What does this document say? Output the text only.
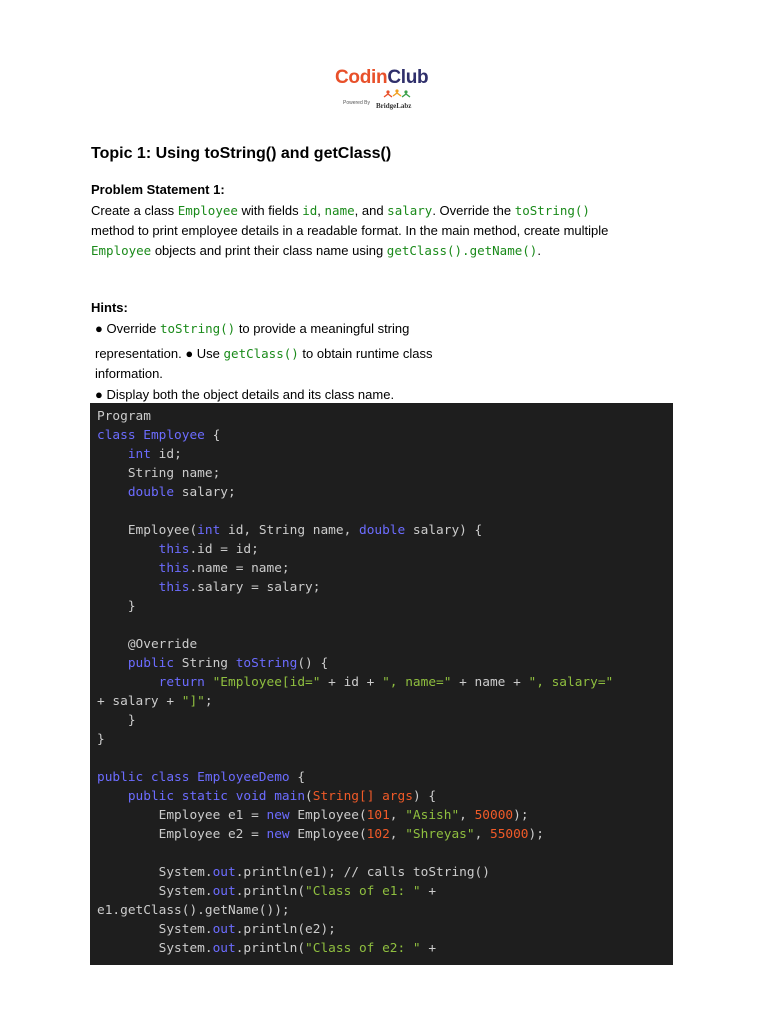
CodinClub
Powered By BridgeLabz
Topic 1: Using toString() and getClass()
Problem Statement 1:
Create a class Employee with fields id, name, and salary. Override the toString()
method to print employee details in a readable format. In the main method, create multiple
Employee objects and print their class name using getClass().getName().
Hints:
● Override toString() to provide a meaningful string
representation. ● Use getClass() to obtain runtime class
information.
● Display both the object details and its class name.
Program
class Employee {
int id;
String name;
double salary;
Employee(int id, String name, double salary) {
this.id = id;
this.name = name;
this.salary = salary;
}
@Override
public String toString() {
return "Employee[id=" + id + ", name=" + name + ", salary="
+ salary + "]";
}
}
public class EmployeeDemo {
public static void main(String[] args) {
Employee e1 = new Employee(101, "Asish", 50000);
Employee e2 = new Employee(102, "Shreyas", 55000);
System.out.println(e1); // calls toString()
System.out.println("Class of e1: " +
e1.getClass().getName());
System.out.println(e2);
System.out.println("Class of e2: " +
